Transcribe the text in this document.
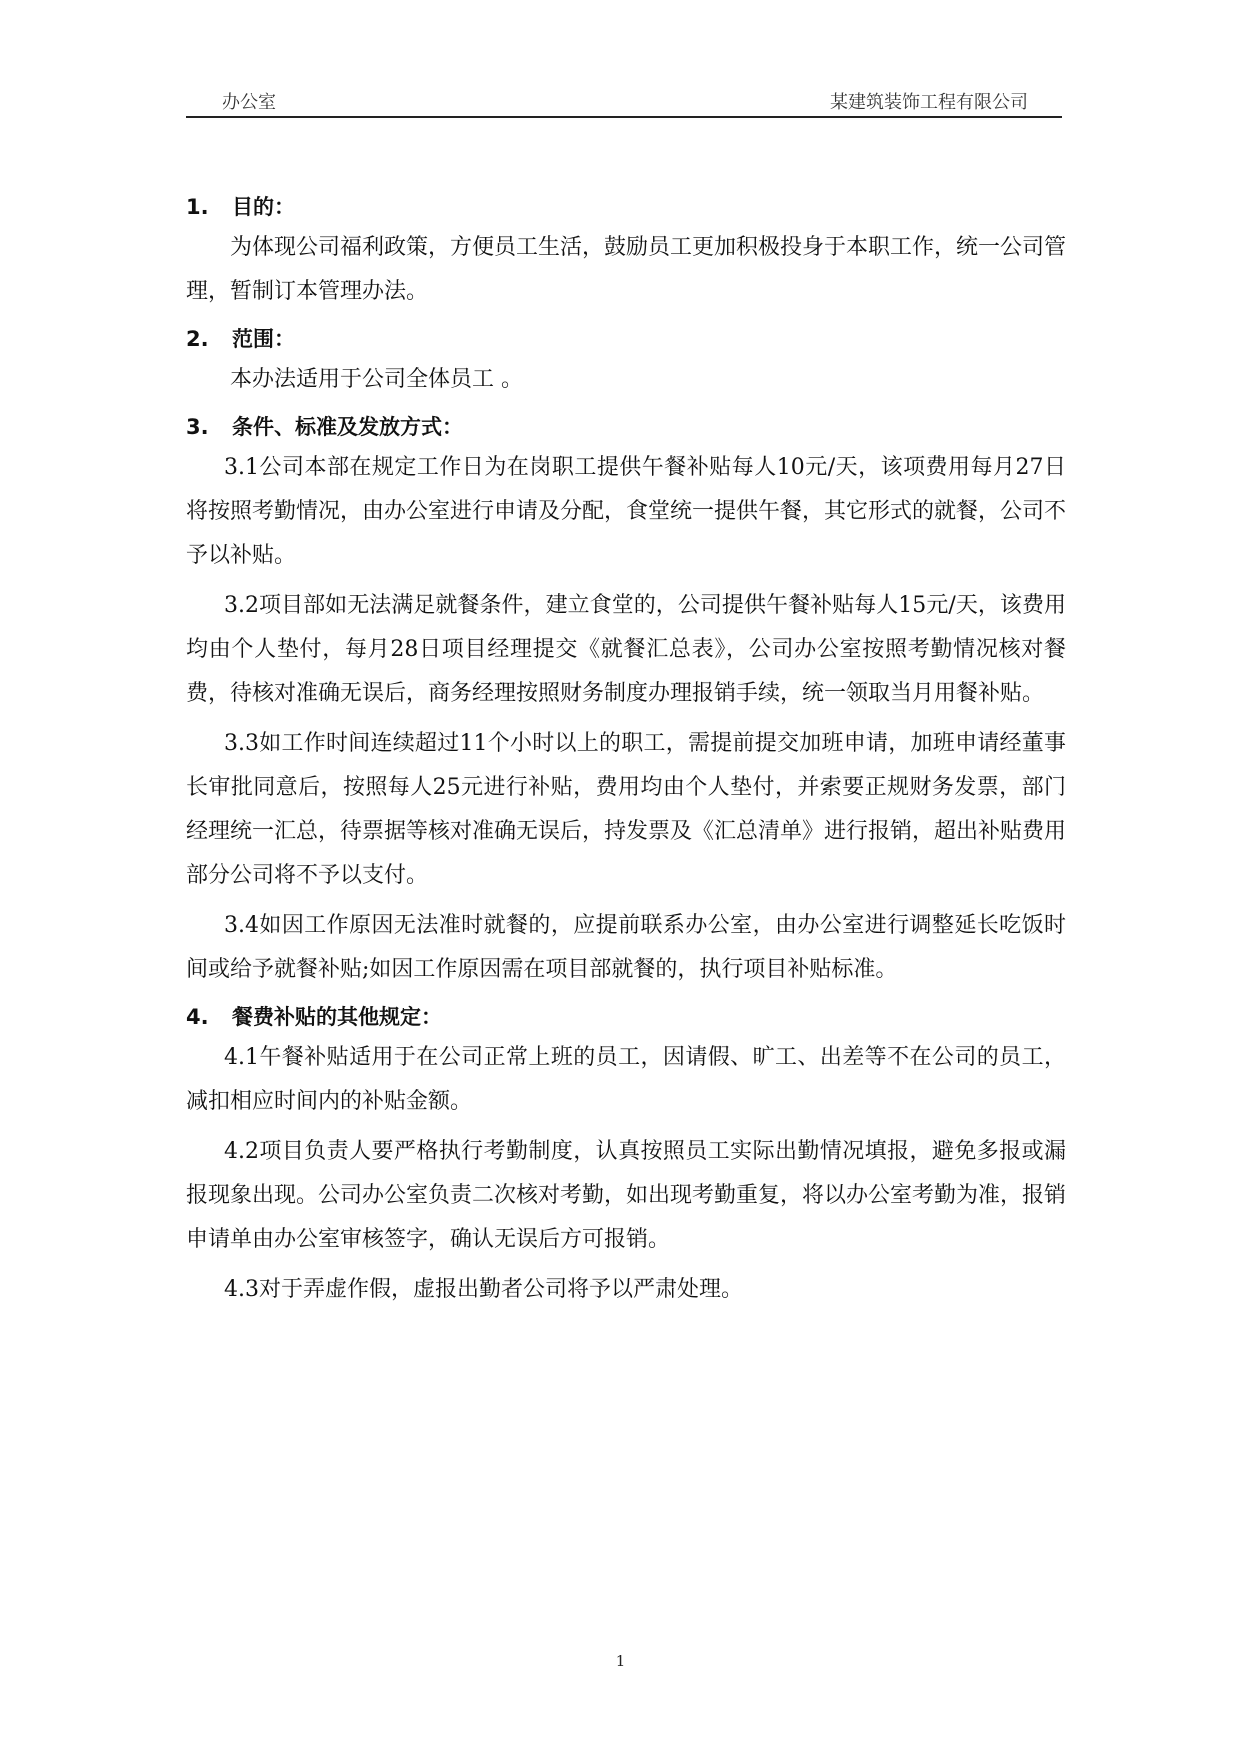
办公室	某建筑装饰工程有限公司
1.	目的：

为体现公司福利政策，方便员工生活，鼓励员工更加积极投身于本职工作，统一公司管理，暂制订本管理办法。

2.	范围：

本办法适用于公司全体员工 。

3.	条件、标准及发放方式：

3.1公司本部在规定工作日为在岗职工提供午餐补贴每人10元/天，该项费用每月27日将按照考勤情况，由办公室进行申请及分配，食堂统一提供午餐，其它形式的就餐，公司不予以补贴。

3.2项目部如无法满足就餐条件，建立食堂的，公司提供午餐补贴每人15元/天，该费用均由个人垫付，每月28日项目经理提交《就餐汇总表》，公司办公室按照考勤情况核对餐费，待核对准确无误后，商务经理按照财务制度办理报销手续，统一领取当月用餐补贴。

3.3如工作时间连续超过11个小时以上的职工，需提前提交加班申请，加班申请经董事长审批同意后，按照每人25元进行补贴，费用均由个人垫付，并索要正规财务发票，部门经理统一汇总，待票据等核对准确无误后，持发票及《汇总清单》进行报销，超出补贴费用部分公司将不予以支付。

3.4如因工作原因无法准时就餐的，应提前联系办公室，由办公室进行调整延长吃饭时间或给予就餐补贴;如因工作原因需在项目部就餐的，执行项目补贴标准。

4.	餐费补贴的其他规定：

4.1午餐补贴适用于在公司正常上班的员工，因请假、旷工、出差等不在公司的员工，减扣相应时间内的补贴金额。

4.2项目负责人要严格执行考勤制度，认真按照员工实际出勤情况填报，避免多报或漏报现象出现。公司办公室负责二次核对考勤，如出现考勤重复，将以办公室考勤为准，报销申请单由办公室审核签字，确认无误后方可报销。

4.3对于弄虚作假，虚报出勤者公司将予以严肃处理。

1
